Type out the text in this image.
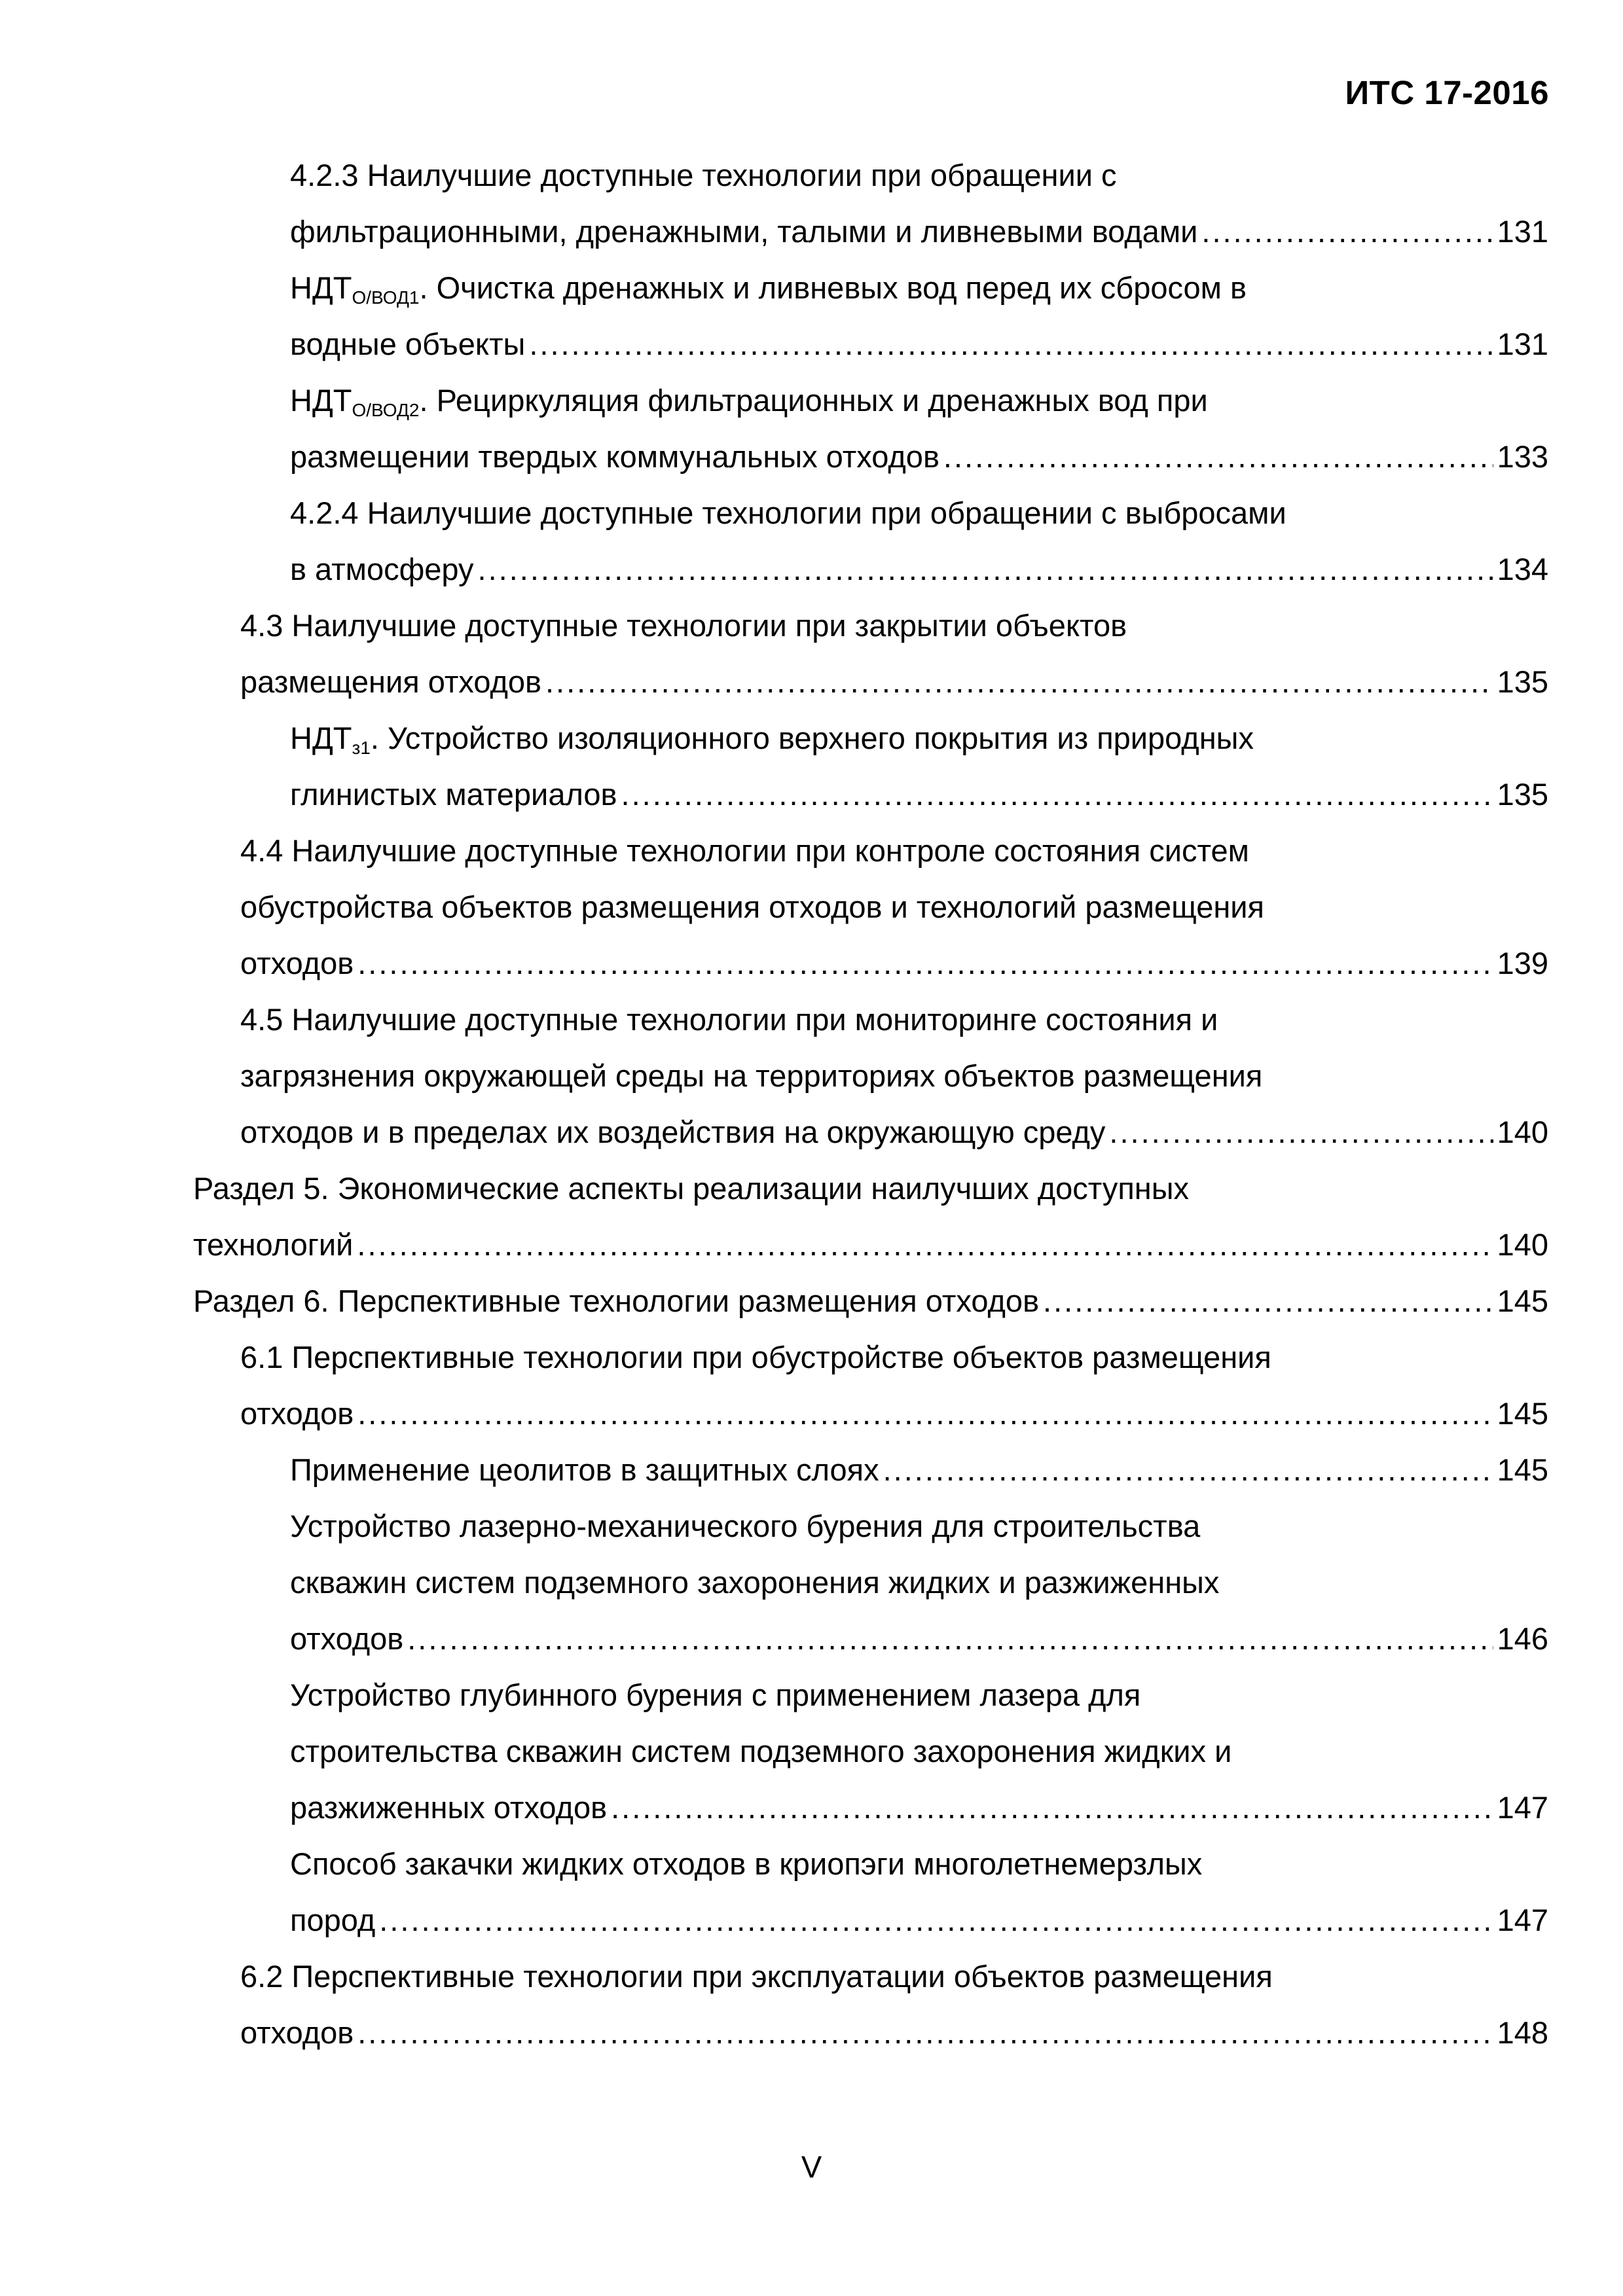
ИТС 17-2016
4.2.3 Наилучшие доступные технологии при обращении с
фильтрационными, дренажными, талыми и ливневыми водами .....	131
$НДТ_{О/ВОД1}$. Очистка дренажных и ливневых вод перед их сбросом в
водные объекты .....	131
$НДТ_{О/ВОД2}$. Рециркуляция фильтрационных и дренажных вод при
размещении твердых коммунальных отходов .....	133
4.2.4 Наилучшие доступные технологии при обращении с выбросами
в атмосферу .....	134
4.3 Наилучшие доступные технологии при закрытии объектов
размещения отходов .....	135
$НДТ_{з1}$. Устройство изоляционного верхнего покрытия из природных
глинистых материалов .....	135
4.4 Наилучшие доступные технологии при контроле состояния систем
обустройства объектов размещения отходов и технологий размещения
отходов .....	139
4.5 Наилучшие доступные технологии при мониторинге состояния и
загрязнения окружающей среды на территориях объектов размещения
отходов и в пределах их воздействия на окружающую среду .....	140
Раздел 5. Экономические аспекты реализации наилучших доступных
технологий .....	140
Раздел 6. Перспективные технологии размещения отходов .....	145
6.1 Перспективные технологии при обустройстве объектов размещения
отходов .....	145
Применение цеолитов в защитных слоях .....	145
Устройство лазерно-механического бурения для строительства
скважин систем подземного захоронения жидких и разжиженных
отходов .....	146
Устройство глубинного бурения с применением лазера для
строительства скважин систем подземного захоронения жидких и
разжиженных отходов .....	147
Способ закачки жидких отходов в криопэги многолетнемерзлых
пород .....	147
6.2 Перспективные технологии при эксплуатации объектов размещения
отходов .....	148
V
